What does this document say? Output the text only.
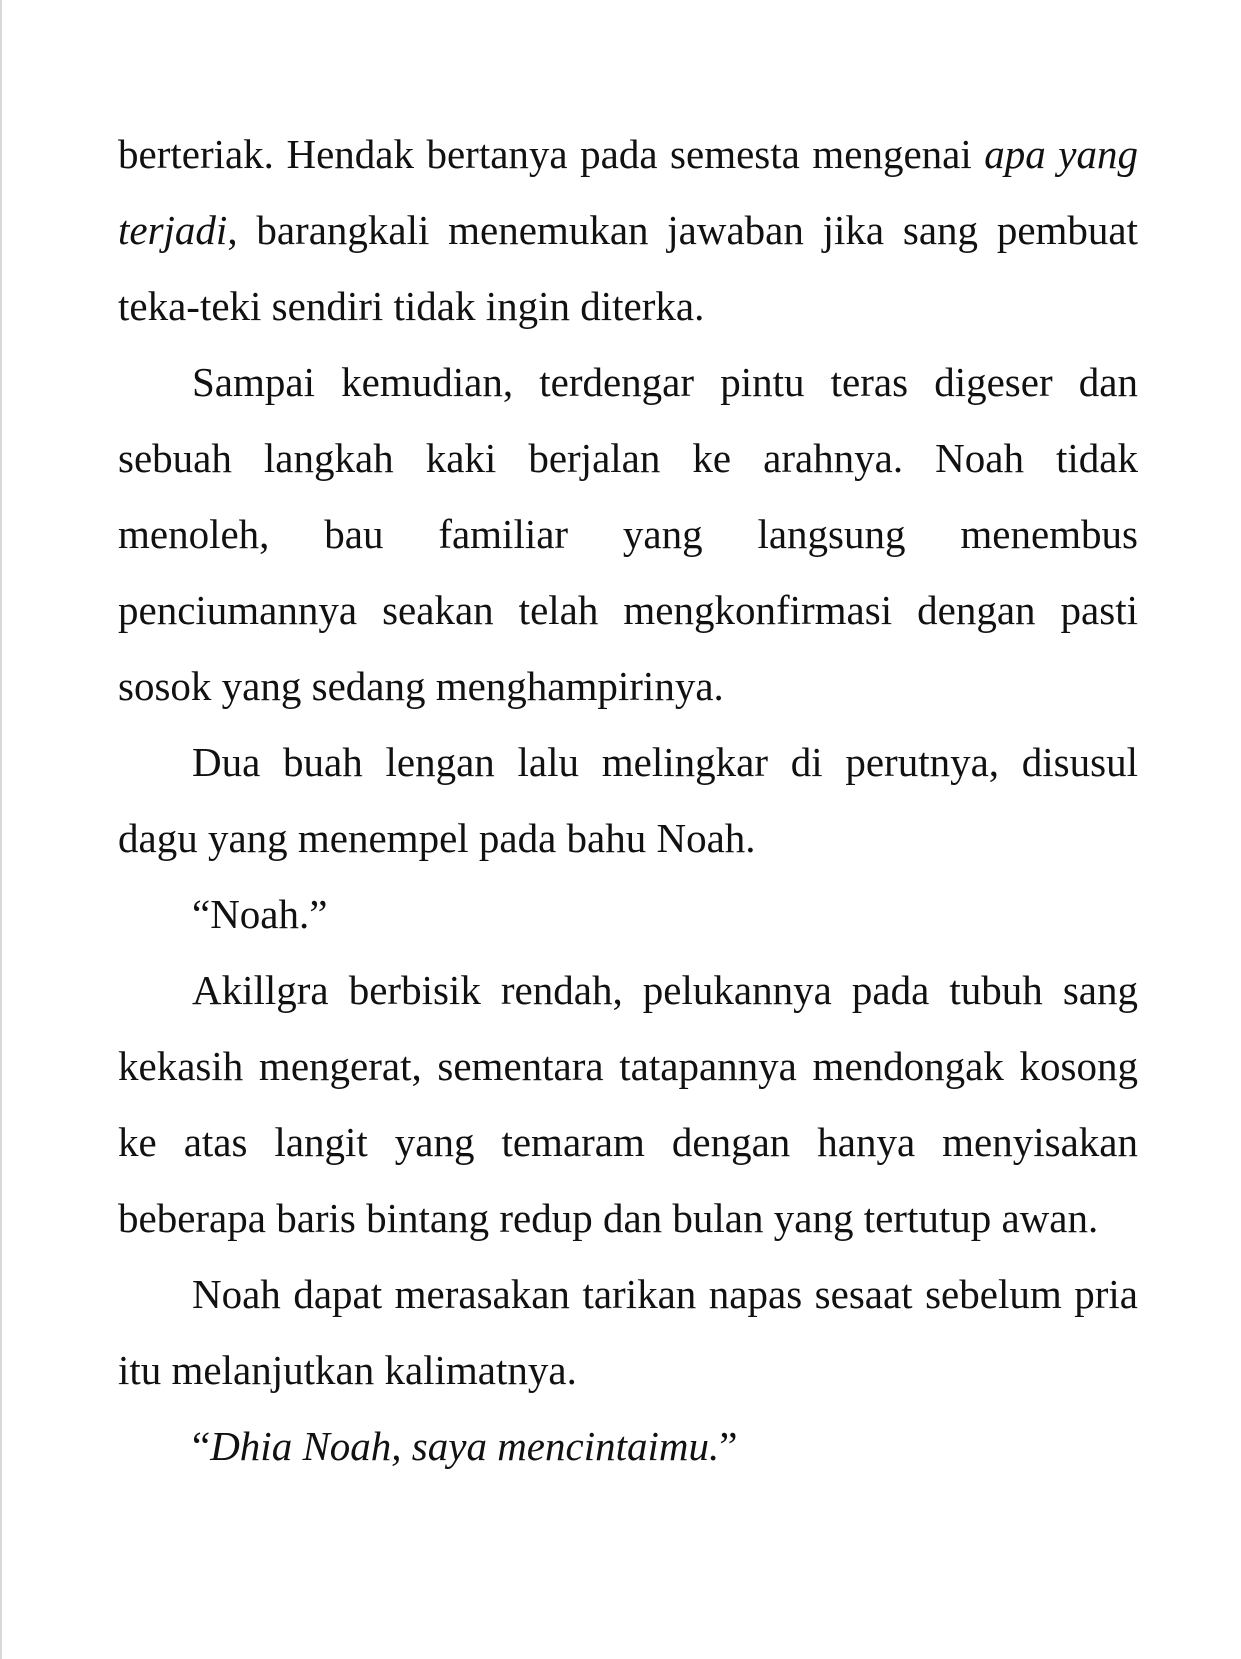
berteriak. Hendak bertanya pada semesta mengenai apa yang terjadi, barangkali menemukan jawaban jika sang pembuat teka-teki sendiri tidak ingin diterka.

Sampai kemudian, terdengar pintu teras digeser dan sebuah langkah kaki berjalan ke arahnya. Noah tidak menoleh, bau familiar yang langsung menembus penciumannya seakan telah mengkonfirmasi dengan pasti sosok yang sedang menghampirinya.

Dua buah lengan lalu melingkar di perutnya, disusul dagu yang menempel pada bahu Noah.

“Noah.”

Akillgra berbisik rendah, pelukannya pada tubuh sang kekasih mengerat, sementara tatapannya mendongak kosong ke atas langit yang temaram dengan hanya menyisakan beberapa baris bintang redup dan bulan yang tertutup awan.

Noah dapat merasakan tarikan napas sesaat sebelum pria itu melanjutkan kalimatnya.

“Dhia Noah, saya mencintaimu.”
